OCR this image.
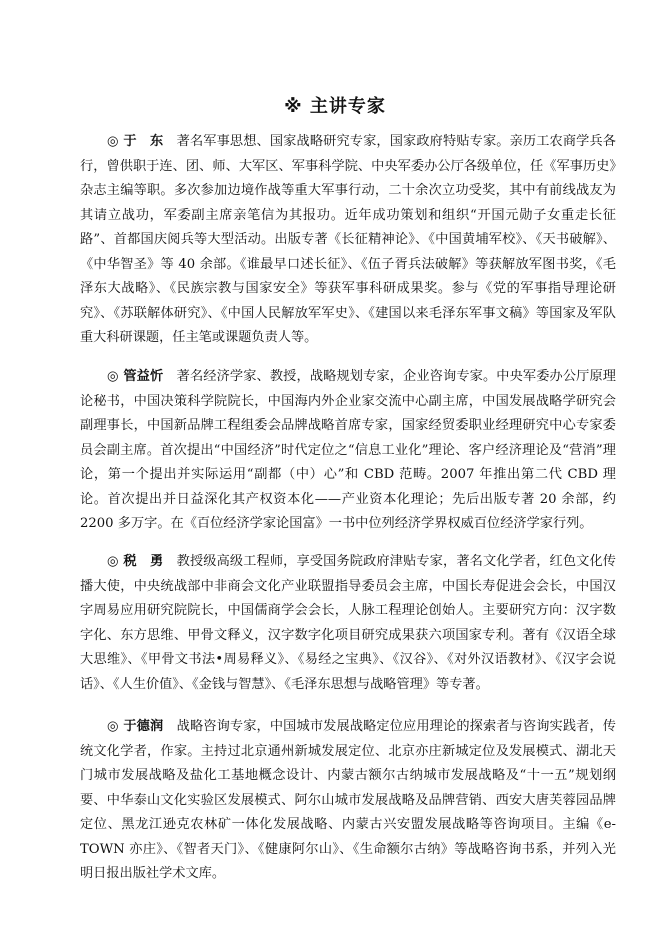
※ 主讲专家

◎ 于　东　 著名军事思想、国家战略研究专家，国家政府特贴专家。亲历工农商学兵各行，曾供职于连、团、师、大军区、军事科学院、中央军委办公厅各级单位，任《军事历史》杂志主编等职。多次参加边境作战等重大军事行动，二十余次立功受奖，其中有前线战友为其请立战功，军委副主席亲笔信为其报功。近年成功策划和组织“开国元勋子女重走长征路”、首都国庆阅兵等大型活动。出版专著《长征精神论》、《中国黄埔军校》、《天书破解》、《中华智圣》等 40 余部。《谁最早口述长征》、《伍子胥兵法破解》等获解放军图书奖，《毛泽东大战略》、《民族宗教与国家安全》等获军事科研成果奖。参与《党的军事指导理论研究》、《苏联解体研究》、《中国人民解放军军史》、《建国以来毛泽东军事文稿》等国家及军队重大科研课题，任主笔或课题负责人等。

◎ 管益忻　 著名经济学家、教授，战略规划专家，企业咨询专家。中央军委办公厅原理论秘书，中国决策科学院院长，中国海内外企业家交流中心副主席，中国发展战略学研究会副理事长，中国新品牌工程组委会品牌战略首席专家，国家经贸委职业经理研究中心专家委员会副主席。首次提出“中国经济”时代定位之“信息工业化”理论、客户经济理论及“营消”理论，第一个提出并实际运用“副都（中）心”和 CBD 范畴。2007 年推出第二代 CBD 理论。首次提出并日益深化其产权资本化——产业资本化理论；先后出版专著 20 余部，约 2200 多万字。在《百位经济学家论国富》一书中位列经济学界权威百位经济学家行列。

◎ 税　勇　 教授级高级工程师，享受国务院政府津贴专家，著名文化学者，红色文化传播大使，中央统战部中非商会文化产业联盟指导委员会主席，中国长寿促进会会长，中国汉字周易应用研究院院长，中国儒商学会会长，人脉工程理论创始人。主要研究方向：汉字数字化、东方思维、甲骨文释义，汉字数字化项目研究成果获六项国家专利。著有《汉语全球大思维》、《甲骨文书法•周易释义》、《易经之宝典》、《汉谷》、《对外汉语教材》、《汉字会说话》、《人生价值》、《金钱与智慧》、《毛泽东思想与战略管理》等专著。

◎ 于德润　 战略咨询专家，中国城市发展战略定位应用理论的探索者与咨询实践者，传统文化学者，作家。主持过北京通州新城发展定位、北京亦庄新城定位及发展模式、湖北天门城市发展战略及盐化工基地概念设计、内蒙古额尔古纳城市发展战略及“十一五”规划纲要、中华泰山文化实验区发展模式、阿尔山城市发展战略及品牌营销、西安大唐芙蓉园品牌定位、黑龙江逊克农林矿一体化发展战略、内蒙古兴安盟发展战略等咨询项目。主编《e-TOWN 亦庄》、《智者天门》、《健康阿尔山》、《生命额尔古纳》等战略咨询书系，并列入光明日报出版社学术文库。
